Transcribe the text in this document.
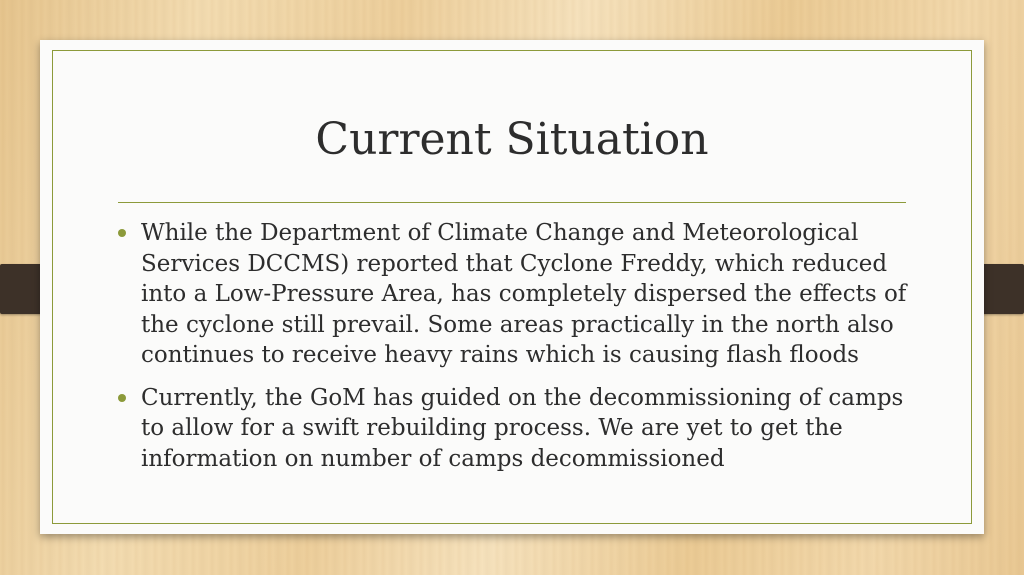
Current Situation
While the Department of Climate Change and Meteorological Services DCCMS) reported that Cyclone Freddy, which reduced into a Low-Pressure Area, has completely dispersed the effects of the cyclone still prevail. Some areas practically in the north also continues to receive heavy rains which is causing flash floods
Currently, the GoM has guided on the decommissioning of camps to allow for a swift rebuilding process. We are yet to get the information on number of camps decommissioned
